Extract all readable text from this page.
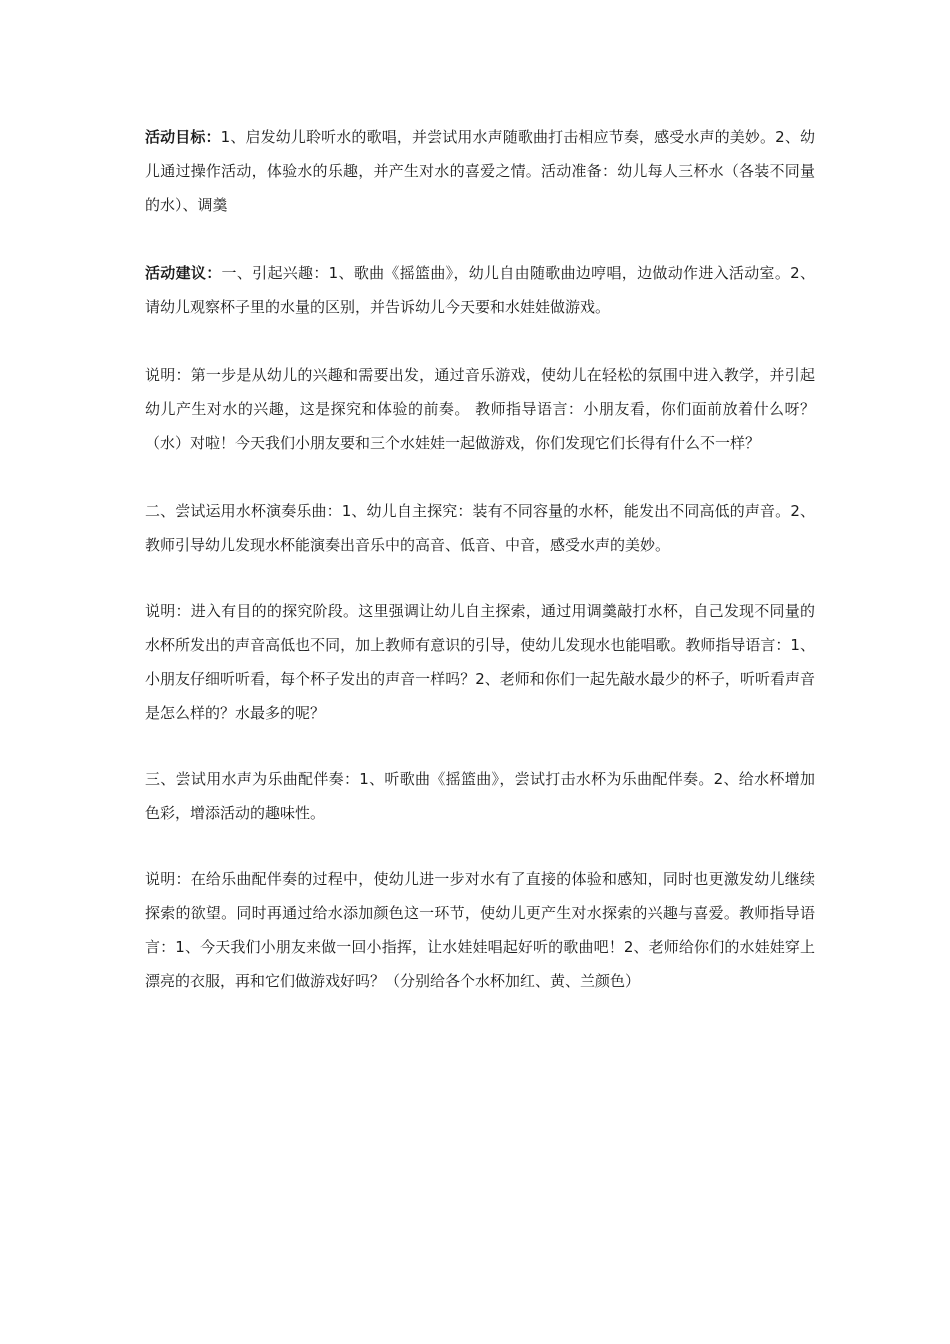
活动目标：1、启发幼儿聆听水的歌唱，并尝试用水声随歌曲打击相应节奏，感受水声的美妙。2、幼儿通过操作活动，体验水的乐趣，并产生对水的喜爱之情。活动准备：幼儿每人三杯水（各装不同量的水）、调羹

活动建议：一、引起兴趣：1、歌曲《摇篮曲》，幼儿自由随歌曲边哼唱，边做动作进入活动室。2、 请幼儿观察杯子里的水量的区别，并告诉幼儿今天要和水娃娃做游戏。

说明：第一步是从幼儿的兴趣和需要出发，通过音乐游戏，使幼儿在轻松的氛围中进入教学，并引起幼儿产生对水的兴趣，这是探究和体验的前奏。 教师指导语言：小朋友看，你们面前放着什么呀？（水）对啦！今天我们小朋友要和三个水娃娃一起做游戏，你们发现它们长得有什么不一样？

二、尝试运用水杯演奏乐曲：1、幼儿自主探究：装有不同容量的水杯，能发出不同高低的声音。2、 教师引导幼儿发现水杯能演奏出音乐中的高音、低音、中音，感受水声的美妙。

说明：进入有目的的探究阶段。这里强调让幼儿自主探索，通过用调羹敲打水杯，自己发现不同量的水杯所发出的声音高低也不同，加上教师有意识的引导，使幼儿发现水也能唱歌。教师指导语言：1、小朋友仔细听听看，每个杯子发出的声音一样吗？2、老师和你们一起先敲水最少的杯子，听听看声音是怎么样的？水最多的呢？

三、尝试用水声为乐曲配伴奏：1、听歌曲《摇篮曲》，尝试打击水杯为乐曲配伴奏。2、给水杯增加色彩，增添活动的趣味性。

说明：在给乐曲配伴奏的过程中，使幼儿进一步对水有了直接的体验和感知，同时也更激发幼儿继续探索的欲望。同时再通过给水添加颜色这一环节，使幼儿更产生对水探索的兴趣与喜爱。教师指导语言：1、今天我们小朋友来做一回小指挥，让水娃娃唱起好听的歌曲吧！2、老师给你们的水娃娃穿上漂亮的衣服，再和它们做游戏好吗？（分别给各个水杯加红、黄、兰颜色）
